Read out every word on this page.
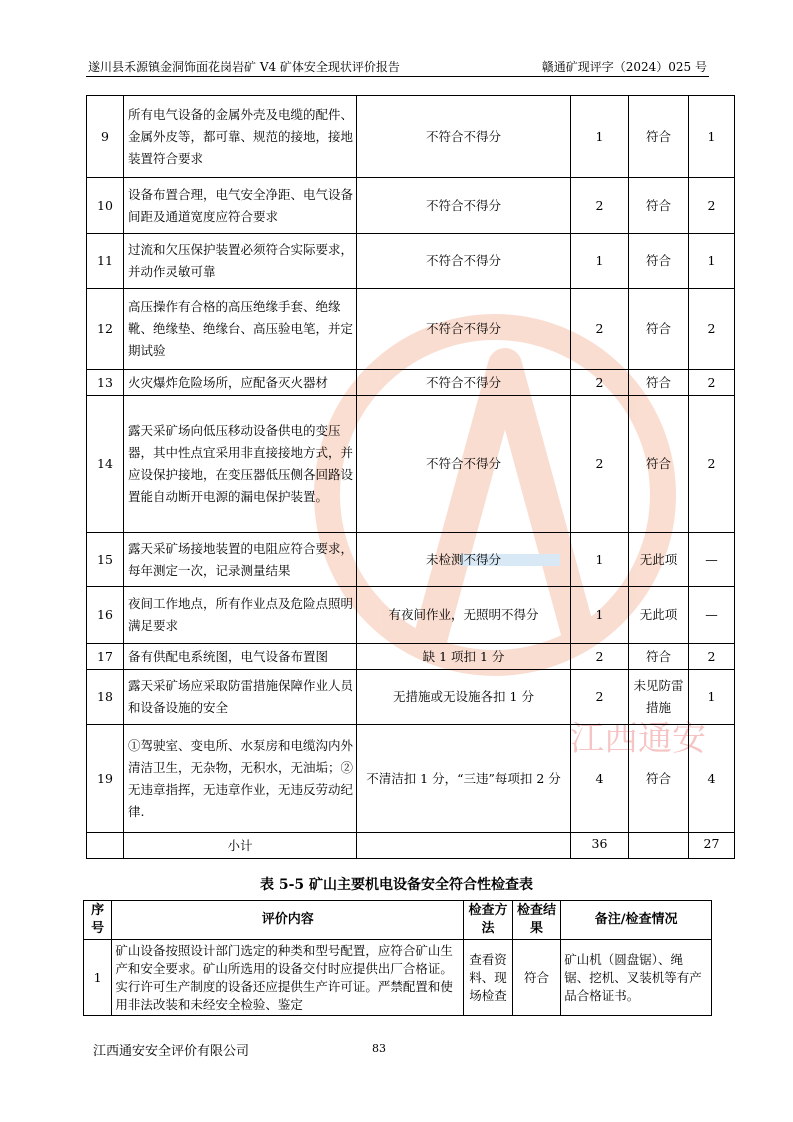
江西通安
遂川县禾源镇金洞饰面花岗岩矿 V4 矿体安全现状评价报告	赣通矿现评字（2024）025 号
9	所有电气设备的金属外壳及电缆的配件、金属外皮等，都可靠、规范的接地，接地装置符合要求	不符合不得分	1	符合	1
10	设备布置合理，电气安全净距、电气设备间距及通道宽度应符合要求	不符合不得分	2	符合	2
11	过流和欠压保护装置必须符合实际要求，并动作灵敏可靠	不符合不得分	1	符合	1
12	高压操作有合格的高压绝缘手套、绝缘靴、绝缘垫、绝缘台、高压验电笔，并定期试验	不符合不得分	2	符合	2
13	火灾爆炸危险场所，应配备灭火器材	不符合不得分	2	符合	2
14	露天采矿场向低压移动设备供电的变压器，其中性点宜采用非直接接地方式，并应设保护接地，在变压器低压侧各回路设置能自动断开电源的漏电保护装置。	不符合不得分	2	符合	2
15	露天采矿场接地装置的电阻应符合要求，每年测定一次，记录测量结果	未检测不得分	1	无此项	—
16	夜间工作地点，所有作业点及危险点照明满足要求	有夜间作业，无照明不得分	1	无此项	—
17	备有供配电系统图，电气设备布置图	缺 1 项扣 1 分	2	符合	2
18	露天采矿场应采取防雷措施保障作业人员和设备设施的安全	无措施或无设施各扣 1 分	2	未见防雷措施	1
19	①驾驶室、变电所、水泵房和电缆沟内外清洁卫生，无杂物，无积水，无油垢；②无违章指挥，无违章作业，无违反劳动纪律.	不清洁扣 1 分，“三违”每项扣 2 分	4	符合	4
	小计		36		27
表 5-5 矿山主要机电设备安全符合性检查表
序号	评价内容	检查方法	检查结果	备注/检查情况
1	矿山设备按照设计部门选定的种类和型号配置，应符合矿山生产和安全要求。矿山所选用的设备交付时应提供出厂合格证。实行许可生产制度的设备还应提供生产许可证。严禁配置和使用非法改装和未经安全检验、鉴定	查看资料、现场检查	符合	矿山机（圆盘锯）、绳锯、挖机、叉装机等有产品合格证书。
江西通安安全评价有限公司	83
